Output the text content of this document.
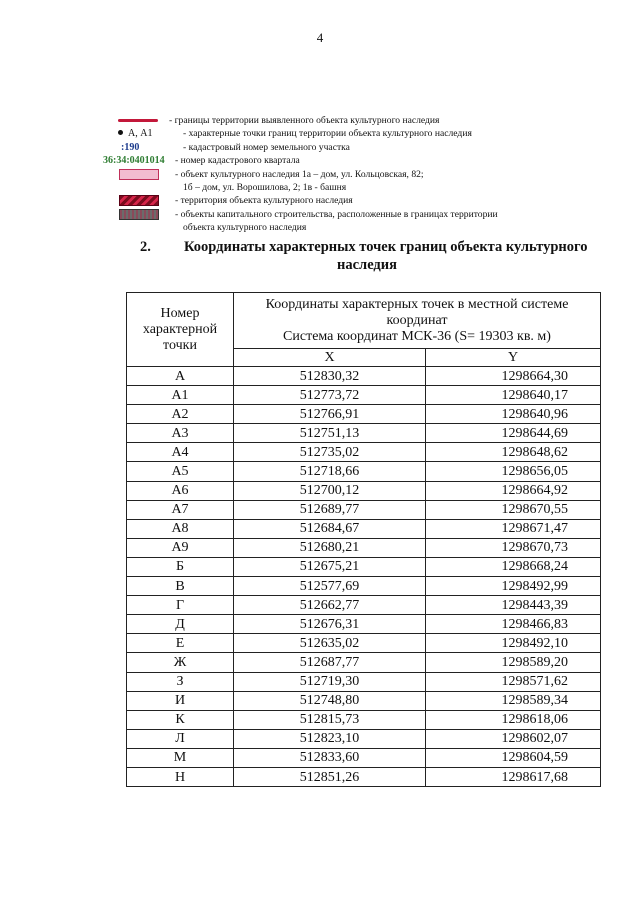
4
- границы территории выявленного объекта культурного наследия
А, А1	- характерные точки границ территории объекта культурного наследия
:190	- кадастровый номер земельного участка
36:34:0401014 - номер кадастрового квартала
- объект культурного наследия 1а – дом, ул. Кольцовская, 82;
1б – дом, ул. Ворошилова, 2; 1в - башня
- территория объекта культурного наследия
- объекты капитального строительства, расположенные в границах территории
объекта культурного наследия
2. Координаты характерных точек границ объекта культурного
наследия
Номер характерной точки	Координаты характерных точек в местной системе координат
Система координат МСК-36 (S= 19303 кв. м)	

	X	Y
А	512830,32	1298664,30
А1	512773,72	1298640,17
А2	512766,91	1298640,96
А3	512751,13	1298644,69
А4	512735,02	1298648,62
А5	512718,66	1298656,05
А6	512700,12	1298664,92
А7	512689,77	1298670,55
А8	512684,67	1298671,47
А9	512680,21	1298670,73
Б	512675,21	1298668,24
В	512577,69	1298492,99
Г	512662,77	1298443,39
Д	512676,31	1298466,83
Е	512635,02	1298492,10
Ж	512687,77	1298589,20
З	512719,30	1298571,62
И	512748,80	1298589,34
К	512815,73	1298618,06
Л	512823,10	1298602,07
М	512833,60	1298604,59
Н	512851,26	1298617,68
